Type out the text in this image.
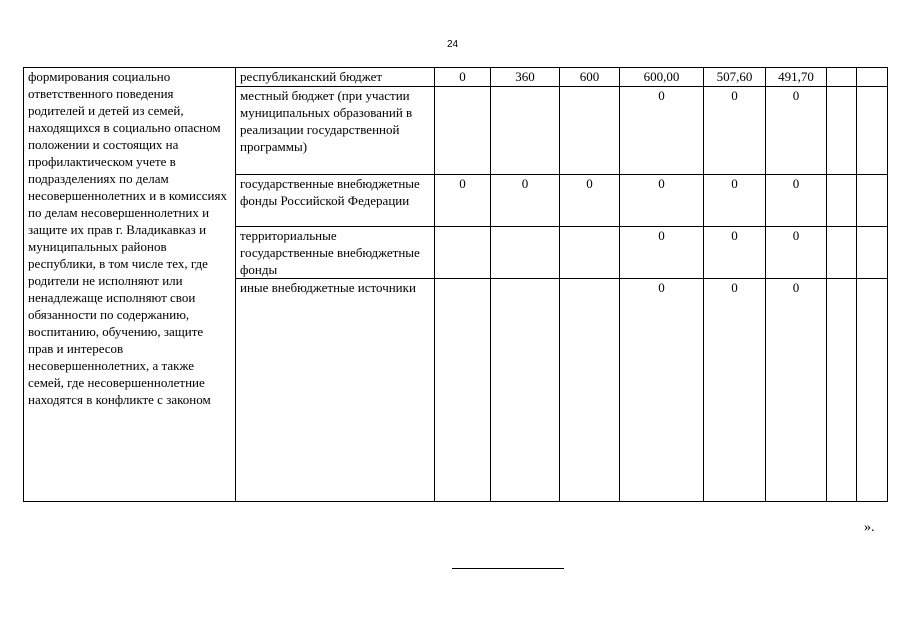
24
формирования социально ответственного поведения родителей и детей из семей, находящихся в социально опасном положении и состоящих на профилактическом учете в подразделениях по делам несовершеннолетних и в комиссиях по делам несовершеннолетних и защите их прав г. Владикавказ и муниципальных районов республики, в том числе тех, где родители не исполняют или ненадлежаще исполняют свои обязанности по содержанию, воспитанию, обучению, защите прав и интересов несовершеннолетних, а также семей, где несовершеннолетние находятся в конфликте с законом	республиканский бюджет	0	360	600	600,00	507,60	491,70		
	местный бюджет (при участии муниципальных образований в реализации государственной программы)				0	0	0		
	государственные внебюджетные фонды Российской Федерации	0	0	0	0	0	0		
	территориальные государственные внебюджетные фонды				0	0	0		
	иные внебюджетные источники				0	0	0		
».
